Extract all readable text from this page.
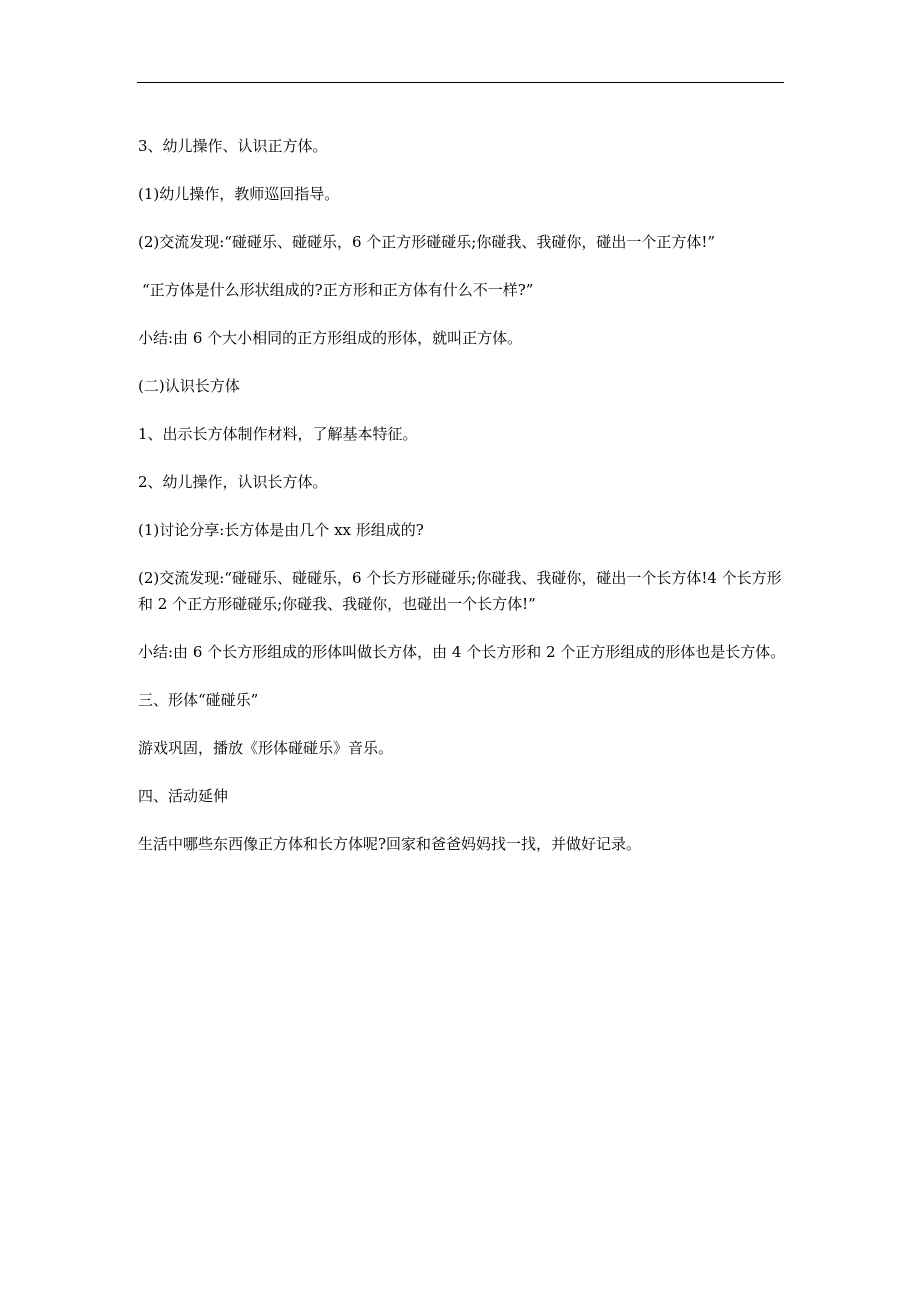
3、幼儿操作、认识正方体。

(1)幼儿操作，教师巡回指导。

(2)交流发现:“碰碰乐、碰碰乐，6 个正方形碰碰乐;你碰我、我碰你，碰出一个正方体!”

“正方体是什么形状组成的?正方形和正方体有什么不一样?”

小结:由 6 个大小相同的正方形组成的形体，就叫正方体。

(二)认识长方体

1、出示长方体制作材料，了解基本特征。

2、幼儿操作，认识长方体。

(1)讨论分享:长方体是由几个 xx 形组成的?

(2)交流发现:“碰碰乐、碰碰乐，6 个长方形碰碰乐;你碰我、我碰你，碰出一个长方体!4 个长方形和 2 个正方形碰碰乐;你碰我、我碰你，也碰出一个长方体!”

小结:由 6 个长方形组成的形体叫做长方体，由 4 个长方形和 2 个正方形组成的形体也是长方体。

三、形体“碰碰乐”

游戏巩固，播放《形体碰碰乐》音乐。

四、活动延伸

生活中哪些东西像正方体和长方体呢?回家和爸爸妈妈找一找，并做好记录。
